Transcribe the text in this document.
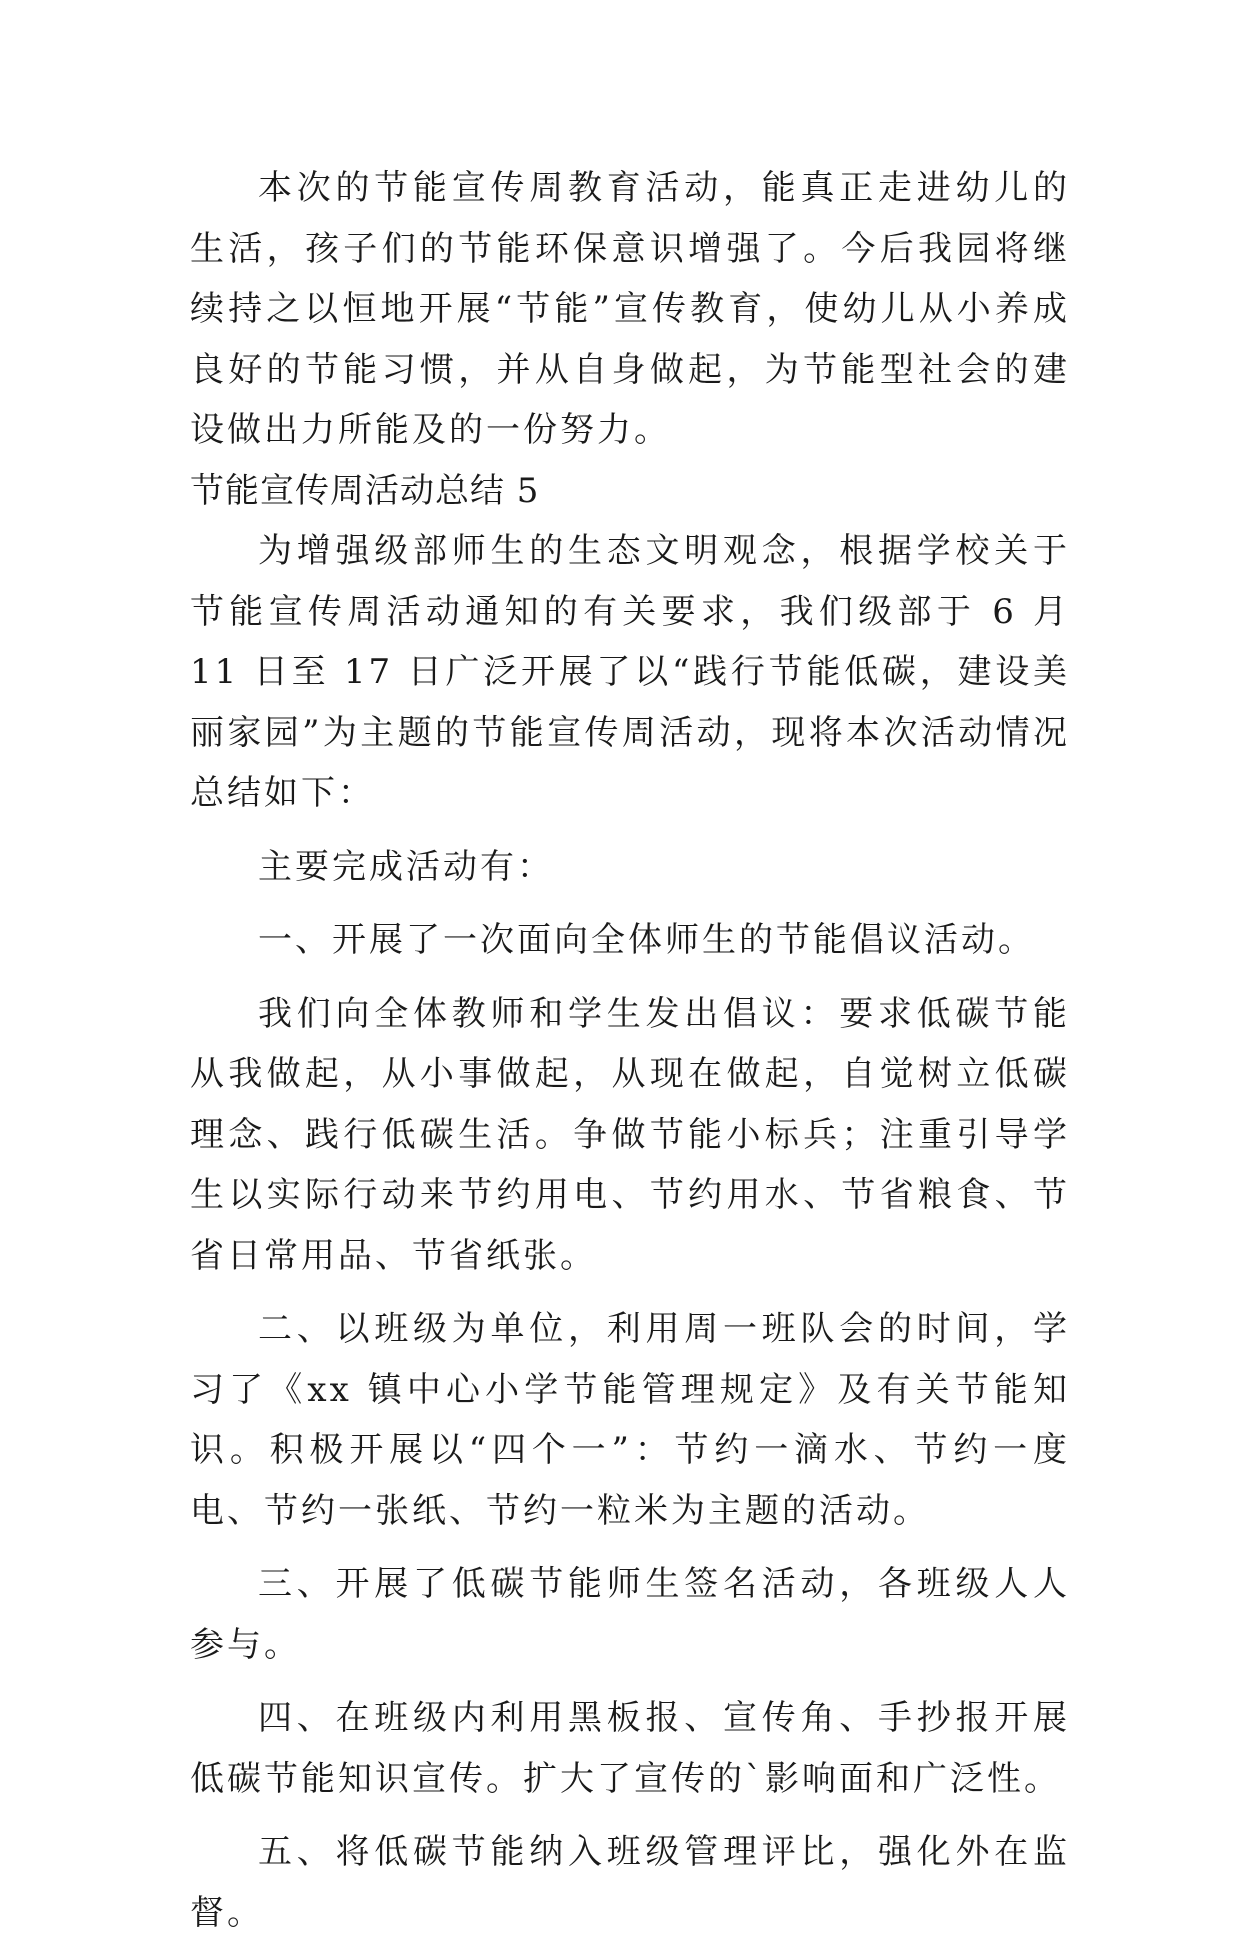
本次的节能宣传周教育活动，能真正走进幼儿的生活，孩子们的节能环保意识增强了。今后我园将继续持之以恒地开展“节能”宣传教育，使幼儿从小养成良好的节能习惯，并从自身做起，为节能型社会的建设做出力所能及的一份努力。

节能宣传周活动总结 5

为增强级部师生的生态文明观念，根据学校关于节能宣传周活动通知的有关要求，我们级部于 6 月 11 日至 17 日广泛开展了以“践行节能低碳，建设美丽家园”为主题的节能宣传周活动，现将本次活动情况总结如下：

主要完成活动有：

一、开展了一次面向全体师生的节能倡议活动。

我们向全体教师和学生发出倡议：要求低碳节能从我做起，从小事做起，从现在做起，自觉树立低碳理念、践行低碳生活。争做节能小标兵；注重引导学生以实际行动来节约用电、节约用水、节省粮食、节省日常用品、节省纸张。

二、以班级为单位，利用周一班队会的时间，学习了《xx 镇中心小学节能管理规定》及有关节能知识。积极开展以“四个一”：节约一滴水、节约一度电、节约一张纸、节约一粒米为主题的活动。

三、开展了低碳节能师生签名活动，各班级人人参与。

四、在班级内利用黑板报、宣传角、手抄报开展低碳节能知识宣传。扩大了宣传的`影响面和广泛性。

五、将低碳节能纳入班级管理评比，强化外在监督。
